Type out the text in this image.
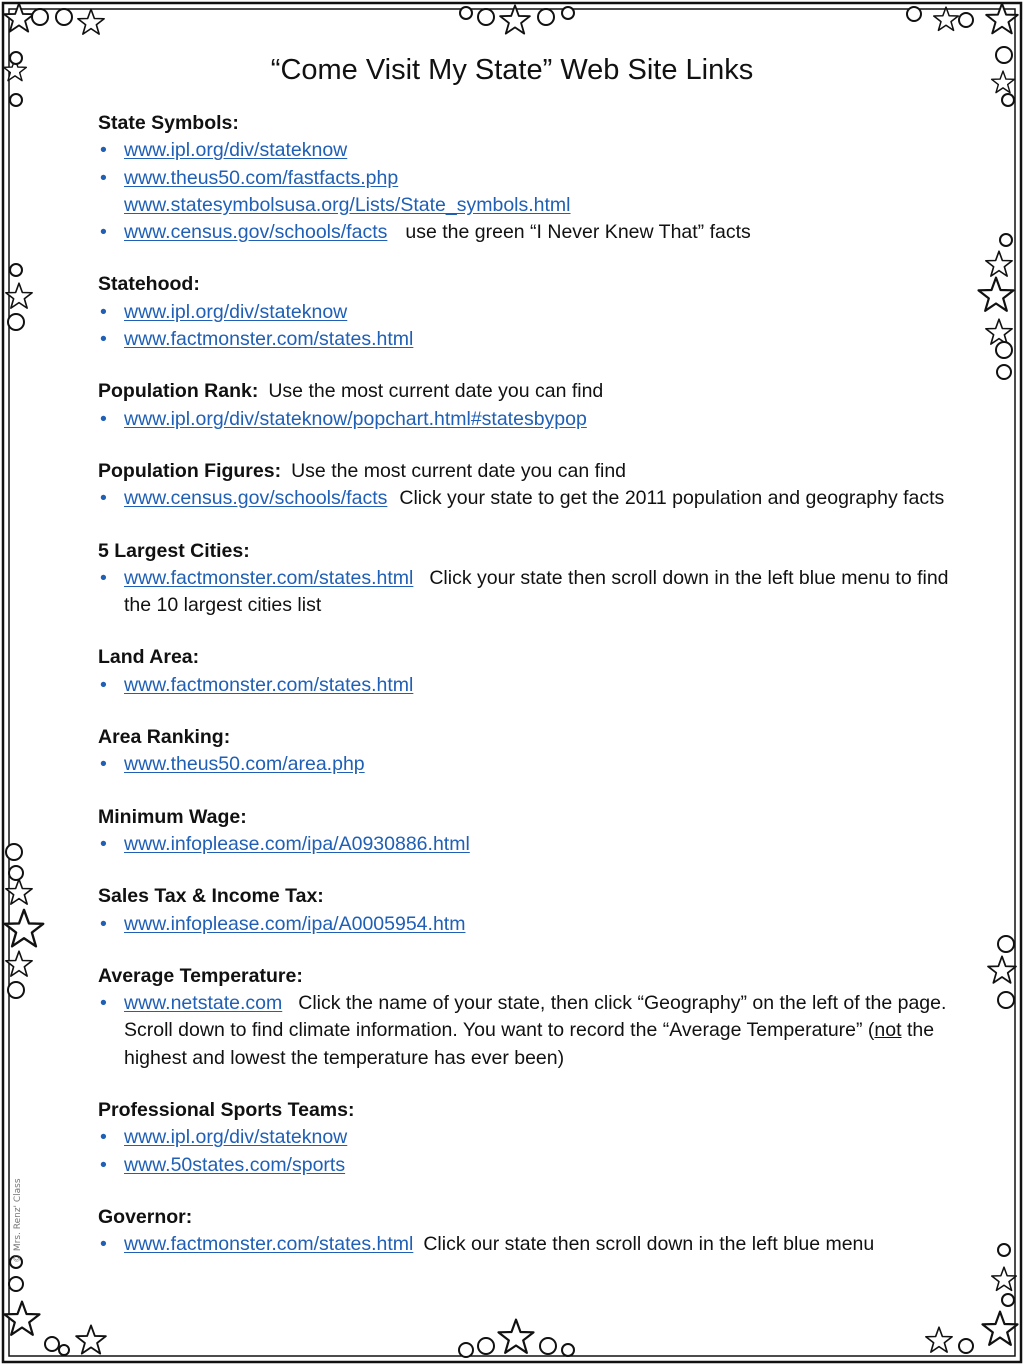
© Mrs. Renz' Class
“Come Visit My State” Web Site Links
State Symbols:
• www.ipl.org/div/stateknow
• www.theus50.com/fastfacts.php
www.statesymbolsusa.org/Lists/State_symbols.html
• www.census.gov/schools/facts use the green “I Never Knew That” facts
Statehood:
• www.ipl.org/div/stateknow
• www.factmonster.com/states.html
Population Rank: Use the most current date you can find
• www.ipl.org/div/stateknow/popchart.html#statesbypop
Population Figures: Use the most current date you can find
• www.census.gov/schools/facts Click your state to get the 2011 population and geography facts
5 Largest Cities:
• www.factmonster.com/states.html Click your state then scroll down in the left blue menu to find the 10 largest cities list
Land Area:
• www.factmonster.com/states.html
Area Ranking:
• www.theus50.com/area.php
Minimum Wage:
• www.infoplease.com/ipa/A0930886.html
Sales Tax & Income Tax:
• www.infoplease.com/ipa/A0005954.htm
Average Temperature:
• www.netstate.com Click the name of your state, then click “Geography” on the left of the page. Scroll down to find climate information. You want to record the “Average Temperature” (not the highest and lowest the temperature has ever been)
Professional Sports Teams:
• www.ipl.org/div/stateknow
• www.50states.com/sports
Governor:
• www.factmonster.com/states.html Click our state then scroll down in the left blue menu
